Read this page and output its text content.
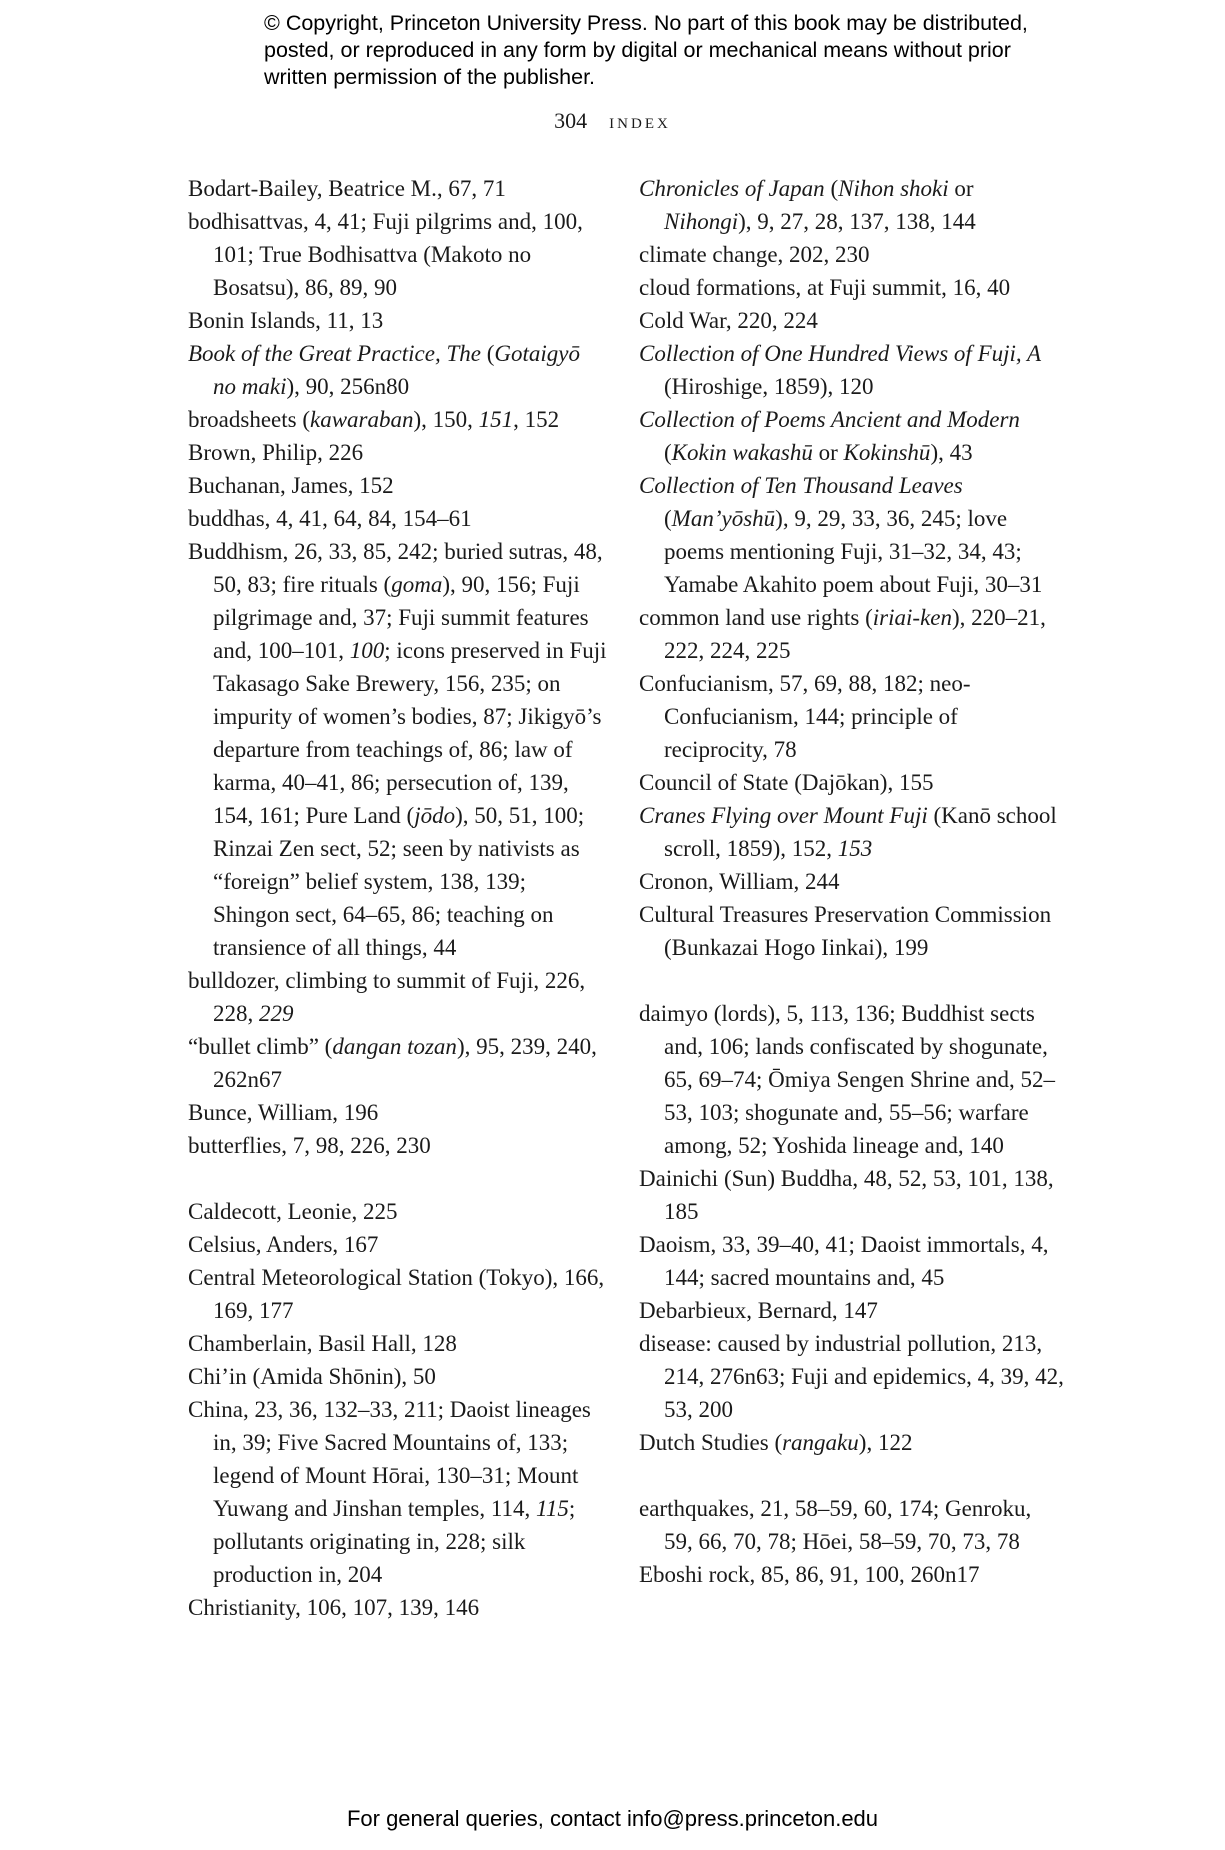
© Copyright, Princeton University Press. No part of this book may be distributed, posted, or reproduced in any form by digital or mechanical means without prior written permission of the publisher.
304 index

Bodart-Bailey, Beatrice M., 67, 71

bodhisattvas, 4, 41; Fuji pilgrims and, 100, 101; True Bodhisattva (Makoto no Bosatsu), 86, 89, 90

Bonin Islands, 11, 13

Book of the Great Practice, The (Gotaigyō no maki), 90, 256n80

broadsheets (kawaraban), 150, 151, 152

Brown, Philip, 226

Buchanan, James, 152

buddhas, 4, 41, 64, 84, 154–61

Buddhism, 26, 33, 85, 242; buried sutras, 48, 50, 83; fire rituals (goma), 90, 156; Fuji pilgrimage and, 37; Fuji summit features and, 100–101, 100; icons preserved in Fuji Takasago Sake Brewery, 156, 235; on impurity of women’s bodies, 87; Jikigyō’s departure from teachings of, 86; law of karma, 40–41, 86; persecution of, 139, 154, 161; Pure Land (jōdo), 50, 51, 100; Rinzai Zen sect, 52; seen by nativists as “foreign” belief system, 138, 139; Shingon sect, 64–65, 86; teaching on transience of all things, 44

bulldozer, climbing to summit of Fuji, 226, 228, 229

“bullet climb” (dangan tozan), 95, 239, 240, 262n67

Bunce, William, 196

butterflies, 7, 98, 226, 230

Caldecott, Leonie, 225

Celsius, Anders, 167

Central Meteorological Station (Tokyo), 166, 169, 177

Chamberlain, Basil Hall, 128

Chi’in (Amida Shōnin), 50

China, 23, 36, 132–33, 211; Daoist lineages in, 39; Five Sacred Mountains of, 133; legend of Mount Hōrai, 130–31; Mount Yuwang and Jinshan temples, 114, 115; pollutants originating in, 228; silk production in, 204

Christianity, 106, 107, 139, 146

Chronicles of Japan (Nihon shoki or Nihongi), 9, 27, 28, 137, 138, 144

climate change, 202, 230

cloud formations, at Fuji summit, 16, 40

Cold War, 220, 224

Collection of One Hundred Views of Fuji, A (Hiroshige, 1859), 120

Collection of Poems Ancient and Modern (Kokin wakashū or Kokinshū), 43

Collection of Ten Thousand Leaves (Man’yōshū), 9, 29, 33, 36, 245; love poems mentioning Fuji, 31–32, 34, 43; Yamabe Akahito poem about Fuji, 30–31

common land use rights (iriai-ken), 220–21, 222, 224, 225

Confucianism, 57, 69, 88, 182; neo-Confucianism, 144; principle of reciprocity, 78

Council of State (Dajōkan), 155

Cranes Flying over Mount Fuji (Kanō school scroll, 1859), 152, 153

Cronon, William, 244

Cultural Treasures Preservation Commission (Bunkazai Hogo Iinkai), 199

daimyo (lords), 5, 113, 136; Buddhist sects and, 106; lands confiscated by shogunate, 65, 69–74; Ōmiya Sengen Shrine and, 52–53, 103; shogunate and, 55–56; warfare among, 52; Yoshida lineage and, 140

Dainichi (Sun) Buddha, 48, 52, 53, 101, 138, 185

Daoism, 33, 39–40, 41; Daoist immortals, 4, 144; sacred mountains and, 45

Debarbieux, Bernard, 147

disease: caused by industrial pollution, 213, 214, 276n63; Fuji and epidemics, 4, 39, 42, 53, 200

Dutch Studies (rangaku), 122

earthquakes, 21, 58–59, 60, 174; Genroku, 59, 66, 70, 78; Hōei, 58–59, 70, 73, 78

Eboshi rock, 85, 86, 91, 100, 260n17

For general queries, contact info@press.princeton.edu
